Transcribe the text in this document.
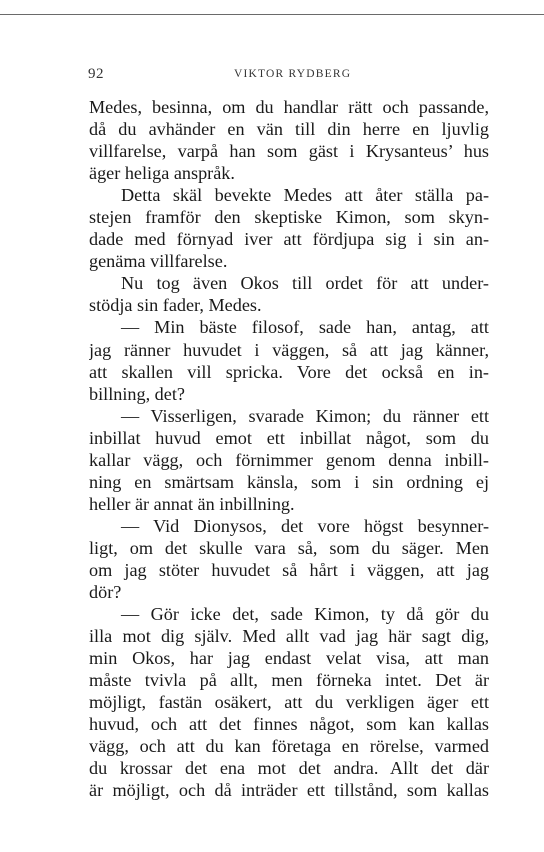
92	VIKTOR RYDBERG
Medes, besinna, om du handlar rätt och passande,
då du avhänder en vän till din herre en ljuvlig
villfarelse, varpå han som gäst i Krysanteus’ hus
äger heliga anspråk.
Detta skäl bevekte Medes att åter ställa pa-
stejen framför den skeptiske Kimon, som skyn-
dade med förnyad iver att fördjupa sig i sin an-
genäma villfarelse.
Nu tog även Okos till ordet för att under-
stödja sin fader, Medes.
— Min bäste filosof, sade han, antag, att
jag ränner huvudet i väggen, så att jag känner,
att skallen vill spricka. Vore det också en in-
billning, det?
— Visserligen, svarade Kimon; du ränner ett
inbillat huvud emot ett inbillat något, som du
kallar vägg, och förnimmer genom denna inbill-
ning en smärtsam känsla, som i sin ordning ej
heller är annat än inbillning.
— Vid Dionysos, det vore högst besynner-
ligt, om det skulle vara så, som du säger. Men
om jag stöter huvudet så hårt i väggen, att jag
dör?
— Gör icke det, sade Kimon, ty då gör du
illa mot dig själv. Med allt vad jag här sagt dig,
min Okos, har jag endast velat visa, att man
måste tvivla på allt, men förneka intet. Det är
möjligt, fastän osäkert, att du verkligen äger ett
huvud, och att det finnes något, som kan kallas
vägg, och att du kan företaga en rörelse, varmed
du krossar det ena mot det andra. Allt det där
är möjligt, och då inträder ett tillstånd, som kallas
